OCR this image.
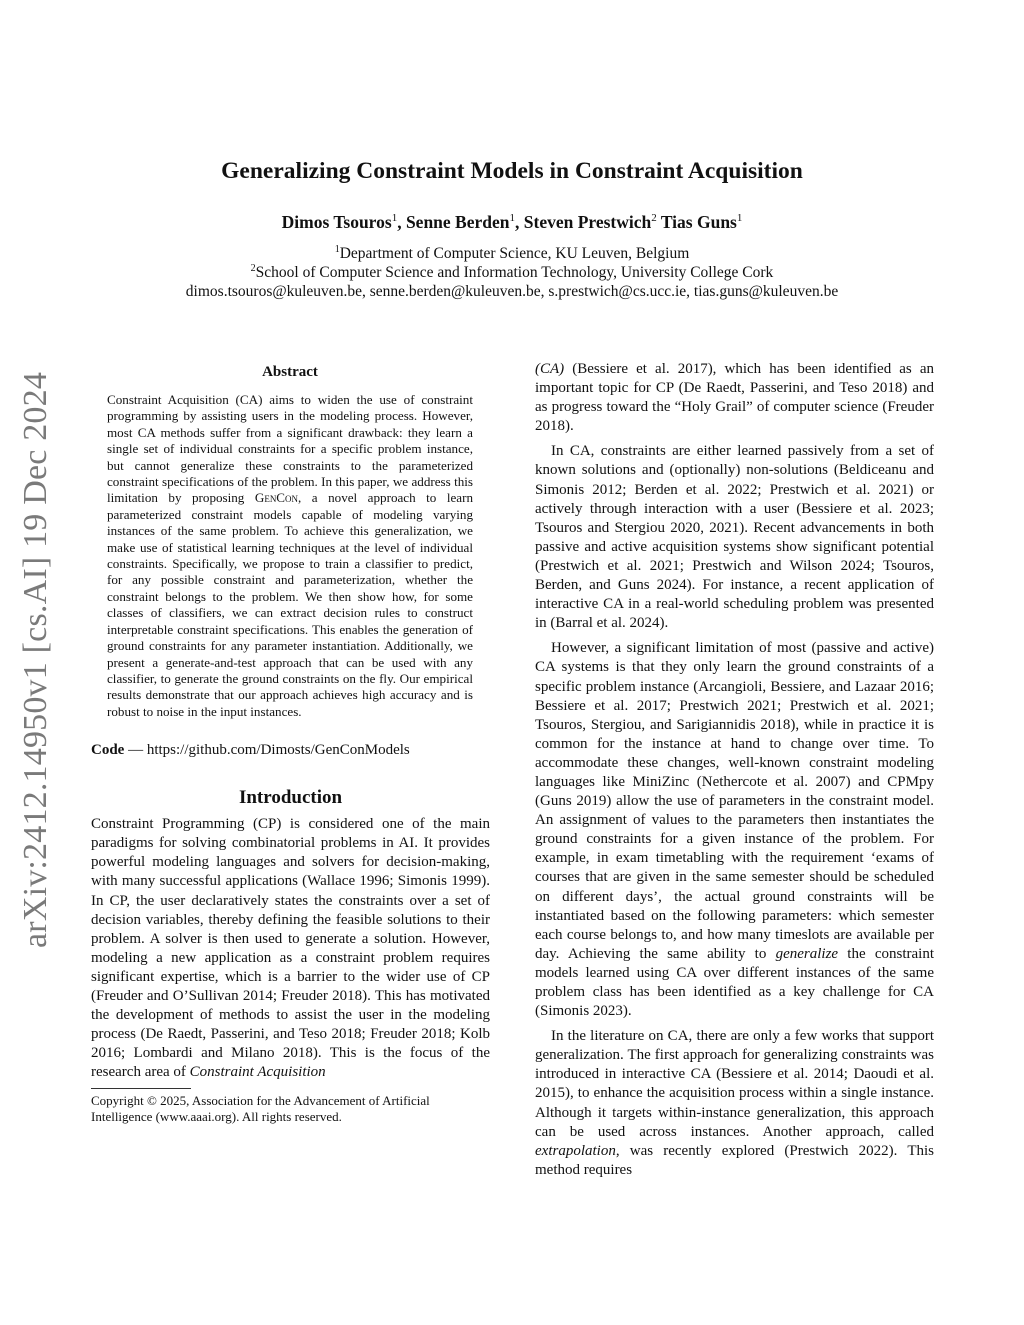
arXiv:2412.14950v1 [cs.AI] 19 Dec 2024
Generalizing Constraint Models in Constraint Acquisition
Dimos Tsouros$^1$, Senne Berden$^1$, Steven Prestwich$^2$ Tias Guns$^1$
$^1$Department of Computer Science, KU Leuven, Belgium
$^2$School of Computer Science and Information Technology, University College Cork
dimos.tsouros@kuleuven.be, senne.berden@kuleuven.be, s.prestwich@cs.ucc.ie, tias.guns@kuleuven.be
Abstract
Constraint Acquisition (CA) aims to widen the use of constraint programming by assisting users in the modeling process. However, most CA methods suffer from a significant drawback: they learn a single set of individual constraints for a specific problem instance, but cannot generalize these constraints to the parameterized constraint specifications of the problem. In this paper, we address this limitation by proposing GenCon, a novel approach to learn parameterized constraint models capable of modeling varying instances of the same problem. To achieve this generalization, we make use of statistical learning techniques at the level of individual constraints. Specifically, we propose to train a classifier to predict, for any possible constraint and parameterization, whether the constraint belongs to the problem. We then show how, for some classes of classifiers, we can extract decision rules to construct interpretable constraint specifications. This enables the generation of ground constraints for any parameter instantiation. Additionally, we present a generate-and-test approach that can be used with any classifier, to generate the ground constraints on the fly. Our empirical results demonstrate that our approach achieves high accuracy and is robust to noise in the input instances.
Code — https://github.com/Dimosts/GenConModels
Introduction

Constraint Programming (CP) is considered one of the main paradigms for solving combinatorial problems in AI. It provides powerful modeling languages and solvers for decision-making, with many successful applications (Wallace 1996; Simonis 1999). In CP, the user declaratively states the constraints over a set of decision variables, thereby defining the feasible solutions to their problem. A solver is then used to generate a solution. However, modeling a new application as a constraint problem requires significant expertise, which is a barrier to the wider use of CP (Freuder and O’Sullivan 2014; Freuder 2018). This has motivated the development of methods to assist the user in the modeling process (De Raedt, Passerini, and Teso 2018; Freuder 2018; Kolb 2016; Lombardi and Milano 2018). This is the focus of the research area of Constraint Acquisition

Copyright © 2025, Association for the Advancement of Artificial Intelligence (www.aaai.org). All rights reserved.

(CA) (Bessiere et al. 2017), which has been identified as an important topic for CP (De Raedt, Passerini, and Teso 2018) and as progress toward the “Holy Grail” of computer science (Freuder 2018).

In CA, constraints are either learned passively from a set of known solutions and (optionally) non-solutions (Beldiceanu and Simonis 2012; Berden et al. 2022; Prestwich et al. 2021) or actively through interaction with a user (Bessiere et al. 2023; Tsouros and Stergiou 2020, 2021). Recent advancements in both passive and active acquisition systems show significant potential (Prestwich et al. 2021; Prestwich and Wilson 2024; Tsouros, Berden, and Guns 2024). For instance, a recent application of interactive CA in a real-world scheduling problem was presented in (Barral et al. 2024).

However, a significant limitation of most (passive and active) CA systems is that they only learn the ground constraints of a specific problem instance (Arcangioli, Bessiere, and Lazaar 2016; Bessiere et al. 2017; Prestwich 2021; Prestwich et al. 2021; Tsouros, Stergiou, and Sarigiannidis 2018), while in practice it is common for the instance at hand to change over time. To accommodate these changes, well-known constraint modeling languages like MiniZinc (Nethercote et al. 2007) and CPMpy (Guns 2019) allow the use of parameters in the constraint model. An assignment of values to the parameters then instantiates the ground constraints for a given instance of the problem. For example, in exam timetabling with the requirement ‘exams of courses that are given in the same semester should be scheduled on different days’, the actual ground constraints will be instantiated based on the following parameters: which semester each course belongs to, and how many timeslots are available per day. Achieving the same ability to generalize the constraint models learned using CA over different instances of the same problem class has been identified as a key challenge for CA (Simonis 2023).

In the literature on CA, there are only a few works that support generalization. The first approach for generalizing constraints was introduced in interactive CA (Bessiere et al. 2014; Daoudi et al. 2015), to enhance the acquisition process within a single instance. Although it targets within-instance generalization, this approach can be used across instances. Another approach, called extrapolation, was recently explored (Prestwich 2022). This method requires
